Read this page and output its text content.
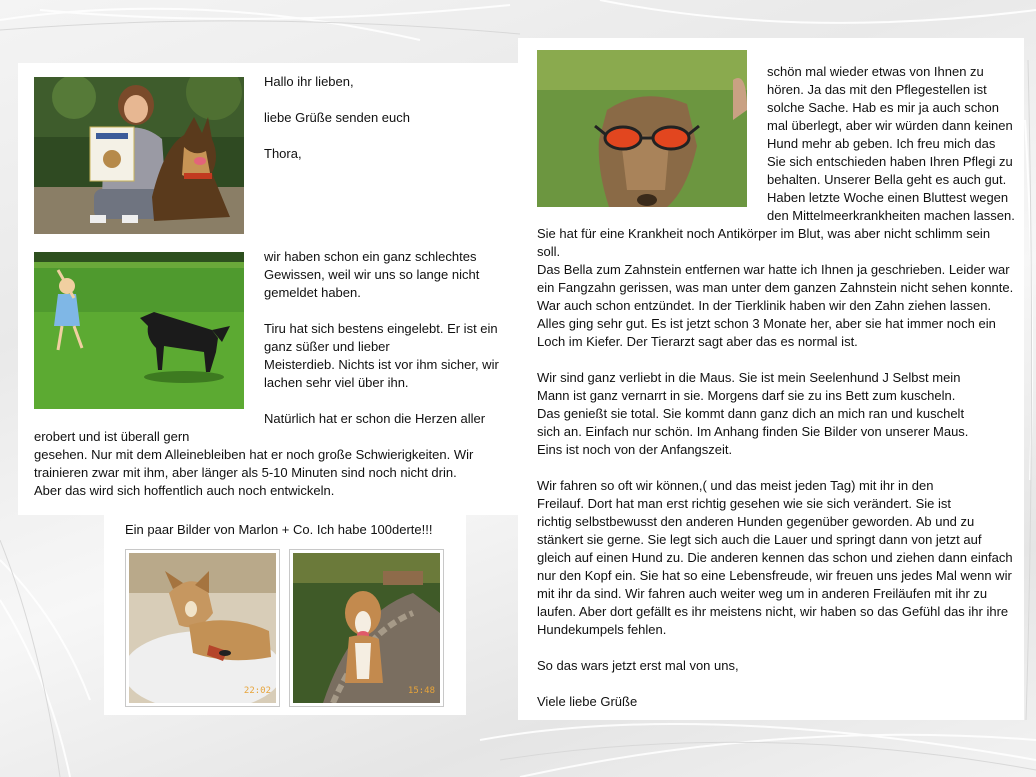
Hallo ihr lieben,

liebe Grüße senden euch

Thora,

wir haben schon ein ganz schlechtes

Gewissen, weil wir uns so lange nicht

gemeldet haben.

Tiru hat sich bestens eingelebt. Er ist ein

ganz süßer und lieber

Meisterdieb. Nichts ist vor ihm sicher, wir

lachen sehr viel über ihn.

Natürlich hat er schon die Herzen aller

erobert und ist überall gern

gesehen. Nur mit dem Alleinebleiben hat er noch große Schwierigkeiten. Wir

trainieren zwar mit ihm, aber länger als 5-10 Minuten sind noch nicht drin.

Aber das wird sich hoffentlich auch noch entwickeln.

Ein paar Bilder von Marlon + Co. Ich habe 100derte!!!

22:02	15:48

schön mal wieder etwas von Ihnen zu

hören. Ja das mit den Pflegestellen ist

solche Sache. Hab es mir ja auch schon

mal überlegt, aber wir würden dann keinen

Hund mehr ab geben. Ich freu mich das

Sie sich entschieden haben Ihren Pflegi zu

behalten. Unserer Bella geht es auch gut.

Haben letzte Woche einen Bluttest wegen

den Mittelmeerkrankheiten machen lassen.

Sie hat für eine Krankheit noch Antikörper im Blut, was aber nicht schlimm sein

soll.

Das Bella zum Zahnstein entfernen war hatte ich Ihnen ja geschrieben. Leider war

ein Fangzahn gerissen, was man unter dem ganzen Zahnstein nicht sehen konnte.

War auch schon entzündet. In der Tierklinik haben wir den Zahn ziehen lassen.

Alles ging sehr gut. Es ist jetzt schon 3 Monate her, aber sie hat immer noch ein

Loch im Kiefer. Der Tierarzt sagt aber das es normal ist.

Wir sind ganz verliebt in die Maus. Sie ist mein Seelenhund J Selbst mein

Mann ist ganz vernarrt in sie. Morgens darf sie zu ins Bett zum kuscheln.

Das genießt sie total. Sie kommt dann ganz dich an mich ran und kuschelt

sich an. Einfach nur schön. Im Anhang finden Sie Bilder von unserer Maus.

Eins ist noch von der Anfangszeit.

Wir fahren so oft wir können,( und das meist jeden Tag) mit ihr in den

Freilauf. Dort hat man erst richtig gesehen wie sie sich verändert. Sie ist

richtig selbstbewusst den anderen Hunden gegenüber geworden. Ab und zu

stänkert sie gerne. Sie legt sich auch die Lauer und springt dann von jetzt auf

gleich auf einen Hund zu. Die anderen kennen das schon und ziehen dann einfach

nur den Kopf ein. Sie hat so eine Lebensfreude, wir freuen uns jedes Mal wenn wir

mit ihr da sind. Wir fahren auch weiter weg um in anderen Freiläufen mit ihr zu

laufen. Aber dort gefällt es ihr meistens nicht, wir haben so das Gefühl das ihr ihre

Hundekumpels fehlen.

So das wars jetzt erst mal von uns,

Viele liebe Grüße
